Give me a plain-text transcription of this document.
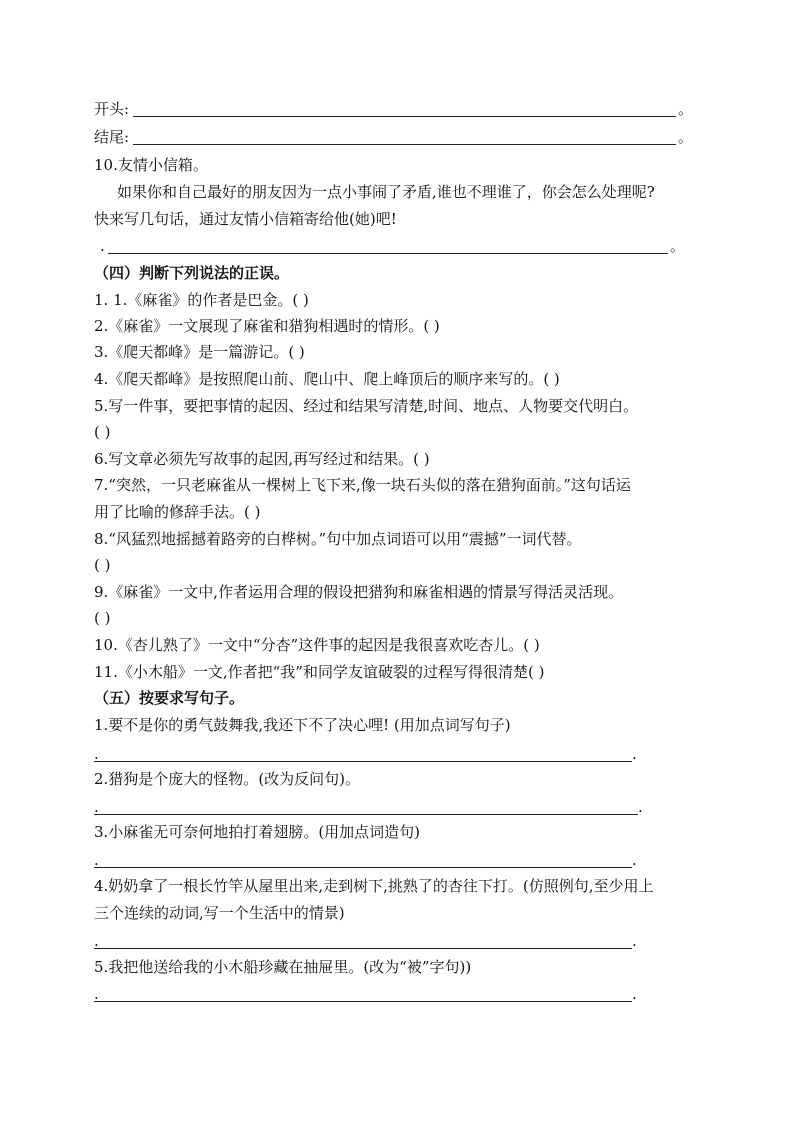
开头:	。
结尾:	。
10.友情小信箱。
如果你和自己最好的朋友因为一点小事闹了矛盾,谁也不理谁了，你会怎么处理呢?
快来写几句话，通过友情小信箱寄给他(她)吧!
.	。
（四）判断下列说法的正误。
1. 1.《麻雀》的作者是巴金。( )
2.《麻雀》一文展现了麻雀和猎狗相遇时的情形。( )
3.《爬天都峰》是一篇游记。( )
4.《爬天都峰》是按照爬山前、爬山中、爬上峰顶后的顺序来写的。( )
5.写一件事，要把事情的起因、经过和结果写清楚,时间、地点、人物要交代明白。
( )
6.写文章必须先写故事的起因,再写经过和结果。( )
7.“突然，一只老麻雀从一棵树上飞下来,像一块石头似的落在猎狗面前。”这句话运
用了比喻的修辞手法。( )
8.“风猛烈地摇撼着路旁的白桦树。”句中加点词语可以用“震撼”一词代替。
( )
9.《麻雀》一文中,作者运用合理的假设把猎狗和麻雀相遇的情景写得活灵活现。
( )
10.《杏儿熟了》一文中“分杏”这件事的起因是我很喜欢吃杏儿。( )
11.《小木船》一文,作者把“我”和同学友谊破裂的过程写得很清楚( )
（五）按要求写句子。
1.要不是你的勇气鼓舞我,我还下不了决心哩! (用加点词写句子)
.	.
2.猎狗是个庞大的怪物。(改为反问句)。
.	.
3.小麻雀无可奈何地拍打着翅膀。(用加点词造句)
.	.
4.奶奶拿了一根长竹竿从屋里出来,走到树下,挑熟了的杏往下打。(仿照例句,至少用上
三个连续的动词,写一个生活中的情景)
.	.
5.我把他送给我的小木船珍藏在抽屉里。(改为“被”字句))
.	.
